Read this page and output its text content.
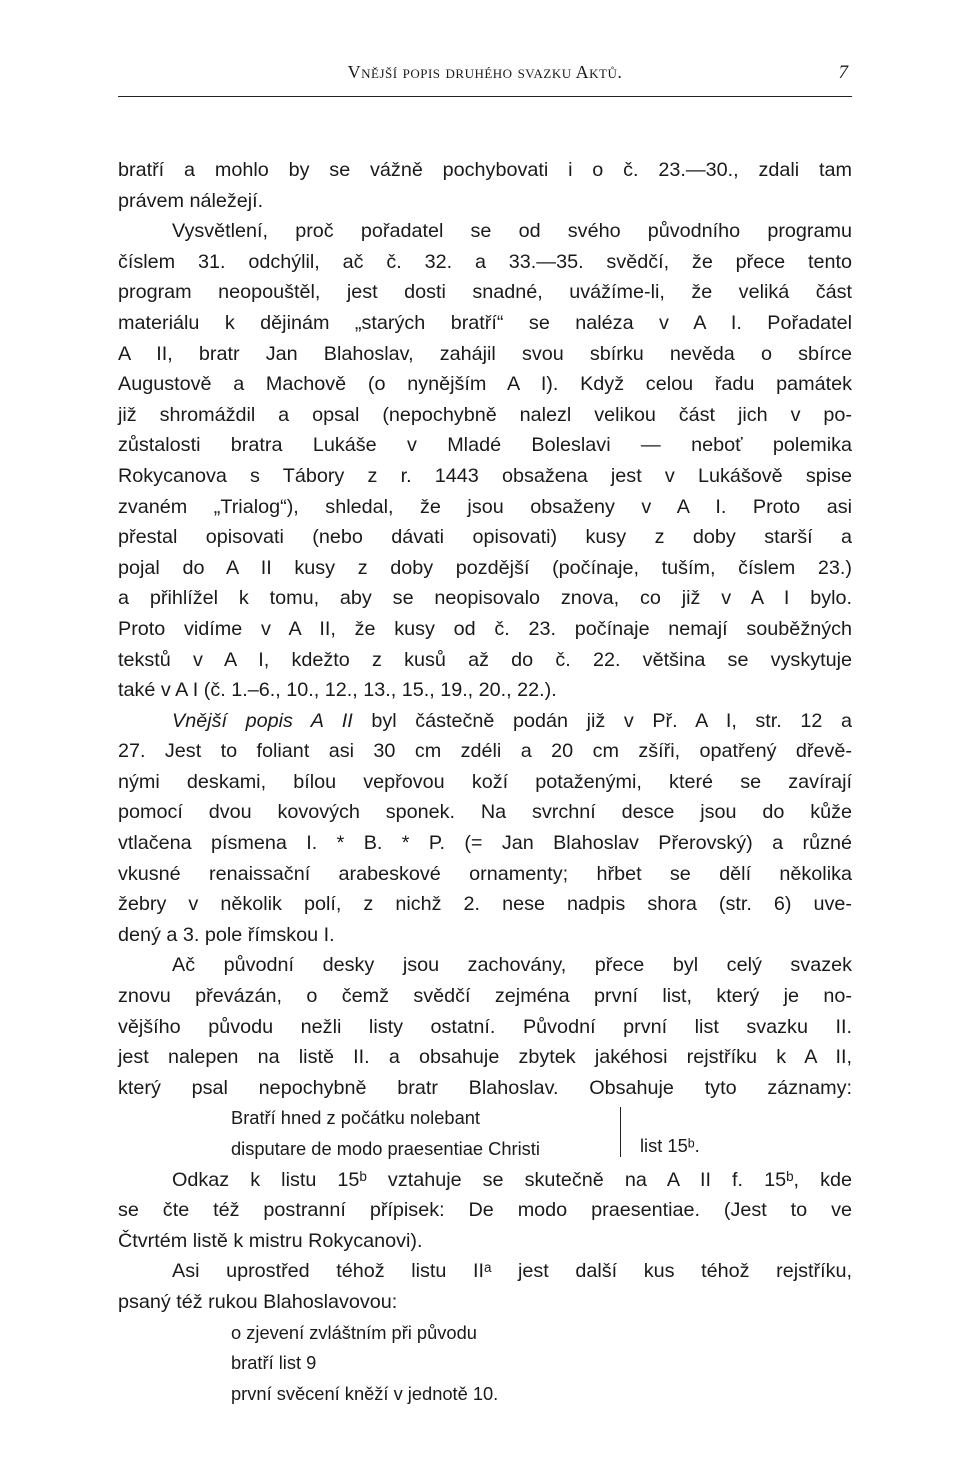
Vnější popis druhého svazku Aktů.	7
bratří a mohlo by se vážně pochybovati i o č. 23.—30., zdali tam
právem náležejí.
Vysvětlení, proč pořadatel se od svého původního programu
číslem 31. odchýlil, ač č. 32. a 33.—35. svědčí, že přece tento
program neopouštěl, jest dosti snadné, uvážíme-li, že veliká část
materiálu k dějinám „starých bratří“ se naléza v A I. Pořadatel
A II, bratr Jan Blahoslav, zahájil svou sbírku nevěda o sbírce
Augustově a Machově (o nynějším A I). Když celou řadu památek
již shromáždil a opsal (nepochybně nalezl velikou část jich v po-
zůstalosti bratra Lukáše v Mladé Boleslavi — neboť polemika
Rokycanova s Tábory z r. 1443 obsažena jest v Lukášově spise
zvaném „Trialog“), shledal, že jsou obsaženy v A I. Proto asi
přestal opisovati (nebo dávati opisovati) kusy z doby starší a
pojal do A II kusy z doby pozdější (počínaje, tuším, číslem 23.)
a přihlížel k tomu, aby se neopisovalo znova, co již v A I bylo.
Proto vidíme v A II, že kusy od č. 23. počínaje nemají souběžných
tekstů v A I, kdežto z kusů až do č. 22. většina se vyskytuje
také v A I (č. 1.–6., 10., 12., 13., 15., 19., 20., 22.).
Vnější popis A II byl částečně podán již v Př. A I, str. 12 a
27. Jest to foliant asi 30 cm zdéli a 20 cm zšíři, opatřený dřevě-
nými deskami, bílou vepřovou koží potaženými, které se zavírají
pomocí dvou kovových sponek. Na svrchní desce jsou do kůže
vtlačena písmena I. * B. * P. (= Jan Blahoslav Přerovský) a různé
vkusné renaissační arabeskové ornamenty; hřbet se dělí několika
žebry v několik polí, z nichž 2. nese nadpis shora (str. 6) uve-
dený a 3. pole římskou I.
Ač původní desky jsou zachovány, přece byl celý svazek
znovu převázán, o čemž svědčí zejména první list, který je no-
vějšího původu nežli listy ostatní. Původní první list svazku II.
jest nalepen na listě II. a obsahuje zbytek jakéhosi rejstříku k A II,
který psal nepochybně bratr Blahoslav. Obsahuje tyto záznamy:
Bratří hned z počátku nolebant
disputare de modo praesentiae Christi	list 15ᵇ.
Odkaz k listu 15ᵇ vztahuje se skutečně na A II f. 15ᵇ, kde
se čte též postranní přípisek: De modo praesentiae. (Jest to ve
Čtvrtém listě k mistru Rokycanovi).
Asi uprostřed téhož listu IIᵃ jest další kus téhož rejstříku,
psaný též rukou Blahoslavovou:
o zjevení zvláštním při původu
bratří list 9
první svěcení kněží v jednotě 10.
